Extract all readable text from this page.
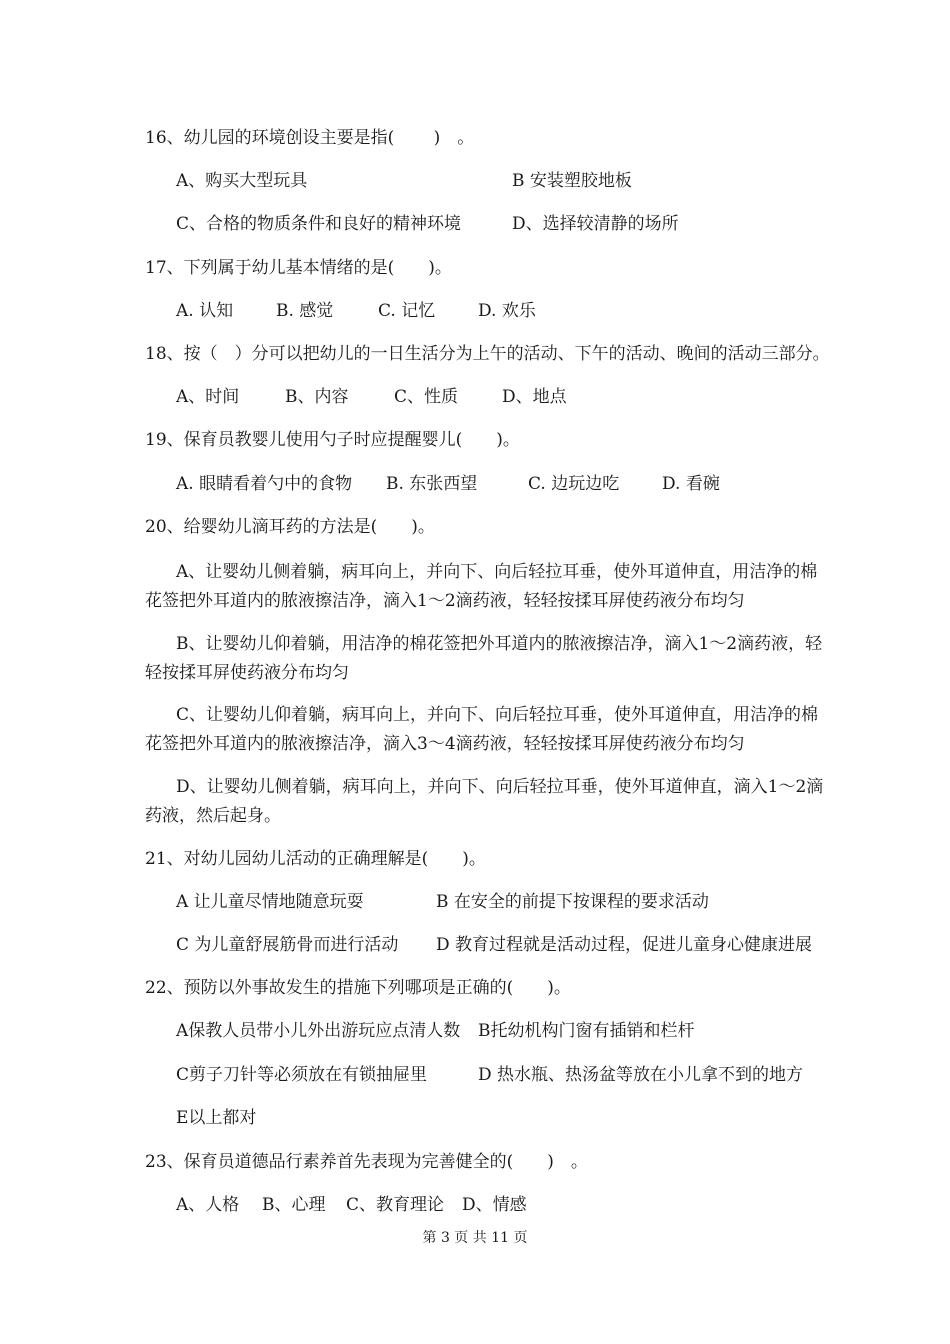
16、幼儿园的环境创设主要是指(　　 )　。
A、购买大型玩具	B 安装塑胶地板
C、合格的物质条件和良好的精神环境	D、选择较清静的场所
17、下列属于幼儿基本情绪的是(　　)。
A. 认知	B. 感觉	C. 记忆	D. 欢乐
18、按（　）分可以把幼儿的一日生活分为上午的活动、下午的活动、晚间的活动三部分。
A、时间	B、内容	C、性质	D、地点
19、保育员教婴儿使用勺子时应提醒婴儿(　　)。
A. 眼睛看着勺中的食物 B. 东张西望	C. 边玩边吃	D. 看碗
20、给婴幼儿滴耳药的方法是(　　)。
A、让婴幼儿侧着躺，病耳向上，并向下、向后轻拉耳垂，使外耳道伸直，用洁净的棉
花签把外耳道内的脓液擦洁净，滴入1～2滴药液，轻轻按揉耳屏使药液分布均匀
B、让婴幼儿仰着躺，用洁净的棉花签把外耳道内的脓液擦洁净，滴入1～2滴药液，轻
轻按揉耳屏使药液分布均匀
C、让婴幼儿仰着躺，病耳向上，并向下、向后轻拉耳垂，使外耳道伸直，用洁净的棉
花签把外耳道内的脓液擦洁净，滴入3～4滴药液，轻轻按揉耳屏使药液分布均匀
D、让婴幼儿侧着躺，病耳向上，并向下、向后轻拉耳垂，使外耳道伸直，滴入1～2滴
药液，然后起身。
21、对幼儿园幼儿活动的正确理解是(　　)。
A 让儿童尽情地随意玩耍	B 在安全的前提下按课程的要求活动
C 为儿童舒展筋骨而进行活动 D 教育过程就是活动过程，促进儿童身心健康进展
22、预防以外事故发生的措施下列哪项是正确的(　　)。
A保教人员带小儿外出游玩应点清人数 B托幼机构门窗有插销和栏杆
C剪子刀针等必须放在有锁抽屉里	D 热水瓶、热汤盆等放在小儿拿不到的地方
E以上都对
23、保育员道德品行素养首先表现为完善健全的(　　)　。
A、人格 B、心理 C、教育理论 D、情感
第 3 页 共 11 页
